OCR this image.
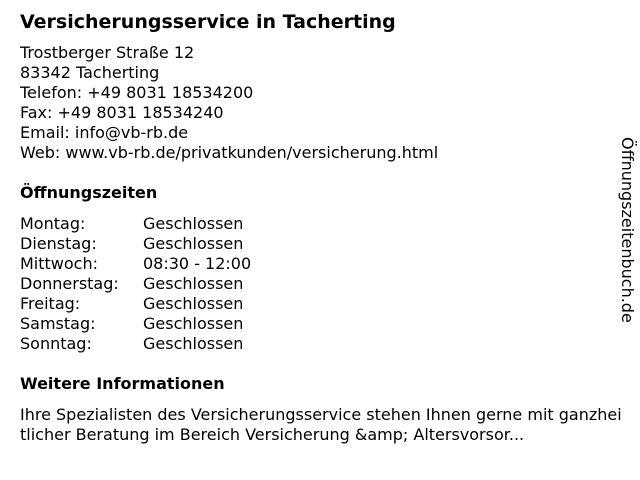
Versicherungsservice in Tacherting
Trostberger Straße 12
83342 Tacherting
Telefon: +49 8031 18534200
Fax: +49 8031 18534240
Email: info@vb-rb.de
Web: www.vb-rb.de/privatkunden/versicherung.html
Öffnungszeiten
Montag:	Geschlossen
Dienstag:	Geschlossen
Mittwoch:	08:30 - 12:00
Donnerstag:	Geschlossen
Freitag:	Geschlossen
Samstag:	Geschlossen
Sonntag:	Geschlossen
Weitere Informationen
Ihre Spezialisten des Versicherungsservice stehen Ihnen gerne mit ganzheitlicher Beratung im Bereich Versicherung &amp; Altersvorsor...
Öffnungszeitenbuch.de
